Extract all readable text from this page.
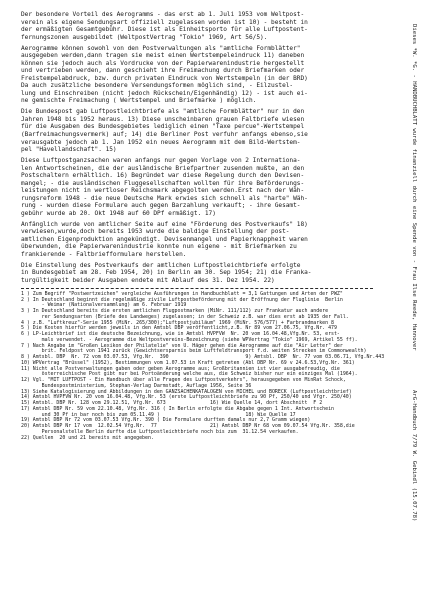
Der besondere Vorteil des Aerogramms - das erst ab 1. Juli 1953 vom Weltpost-
verein als eigene Sendungsart offiziell zugelassen worden ist 10) - besteht in
der ermäßigten Gesamtgebühr. Diese ist als Einheitsporto für alle Luftpostent-
fernungszonen ausgebildet (WeltpostVertrag "Tokio" 1969, Art 56/5).

Aerogramme können sowohl von den Postverwaltungen als "amtliche Formblätter"
ausgegeben werden,dann tragen sie meist einen Wertstempeleindruck 11) daneben
können sie jedoch auch als Vordrucke von der Papierwarenindustrie hergestellt
und vertrieben werden, dann geschieht ihre Freimachung durch Briefmarken oder
Freistempelabdruck, bzw. durch privaten Eindruck von Wertstempeln (in der BRD)
Da auch zusätzliche besondere Versendungsformen möglich sind, - Eilzustel-
lung und Einschreiben (nicht jedoch Rückschein/Eigenhändig) 12) - ist auch ei-
ne gemischte Freimachung ( Wertstempel und Briefmarke ) möglich.

Die Bundespost gab Luftpostleichtbriefe als "amtliche Formblätter" nur in den
Jahren 1948 bis 1952 heraus. 13) Diese unscheinbaren grauen Faltbriefe wiesen
für die Ausgaben des Bundesgebietes lediglich einen "Taxe percue"-Wertstempel
(Barfreimachungsvermerk) auf; 14) die Berliner Post verfuhr anfangs ebenso,sie
verausgabte jedoch ab 1. Jan 1952 ein neues Aerogramm mit dem Bild-Wertstem-
pel "Havellandschaft". 15)

Diese Luftpostganzsachen waren anfangs nur gegen Vorlage von 2 Internationa-
len Antwortscheinen, die der ausländische Briefpartner zusenden mußte, an den
Postschaltern erhältlich. 16) Begründet war diese Regelung durch den Devisen-
mangel; - die ausländischen Fluggesellschaften wollten für ihre Beförderungs-
leistungen nicht in wertloser Reichsmark abgegolten werden.Erst nach der Wäh-
rungsreform 1948 - die neue Deutsche Mark erwies sich schnell als "harte" Wäh-
rung - wurden diese Formulare auch gegen Barzahlung verkauft; - ihre Gesamt-
gebühr wurde ab 20. Okt 1948 auf 60 DPf ermäßigt. 17)

Anfänglich wurde von amtlicher Seite auf eine "Förderung des Postverkaufs" 18)
verwiesen,wurde,doch bereits 1953 wurde die baldige Einstellung der post-
amtlichen Eigenproduktion angekündigt. Devisenmangel und Papierknappheit waren
überwunden, die Papierwarenindustrie konnte nun eigene - mit Briefmarken zu
frankierende - Faltbriefformulare herstellen.

Die Einstellung des Postverkaufs der amtlichen Luftpostleichtbriefe erfolgte
in Bundesgebiet am 28. Feb 1954, 20) in Berlin am 30. Sep 1954; 21) die Franka-
turgültigkeit beider Ausgaben endete mit Ablauf des 31. Dez 1954. 22)

1 ) Zum Begriff "Postwertzeichen" vergleiche Ausführungen in Handbuchblatt = 3,1 Gattungen und Arten der PWZ"

2 ) In Deutschland beginnt die regelmäßige zivile Luftpostbeförderung mit der Eröffnung der Fluglinie  Berlin

- Weimar (Nationalversammlung) am 6. Februar 1919

3 ) In Deutschland bereits die ersten amtlichen Flugpostmarken (MiNr. 111/112) zur Frankatur auch andere

rer Sendungsarten (Briefe des Landweges) zugelassen; in der Schweiz z.B. war dies erst ab 1935 der Fall.

4 ) z.B. "Luftkreuz"-Serie 1955 (MiNr. 265/300);"Luftpostjubiläum" 1969 (MiNr. 576/577) + Farbrandmarken 8

5 ) Die Kosten hierfür werden jeweils in den Amtsbl DBP veröffentlicht,z.B. Nr 89 vom 27.06.75, Vfg.Nr. 479

6 ) LP-Leichtbrief ist die deutsche Bezeichnung, wie in Amtsbl HVPFVW  Nr. 20 vom 16.04.48,Vfg.Nr. 53, erst-

mals verwendet. - Aerogramme die Weltpostvereins-Bezeichnung (siehe WPVertrag "Tokio" 1969, Artikel 55 ff).

7 ) Nach Angabe im "Großen Lexikon der Philatelie" von U. Häger gehen die Aerogramme auf die "Air Letter" der

brit. Feldpost von 1941 zurück (Gewichtsersparnis beim Luftfeldtransport f.d. weiten Strecken im Commonwealth)

8 ) Amtsbl. DBP  Nr. 72 vom 03.07.53, Vfg.Nr.  390                          9) Amtsbl. DBP  Nr. 77 vom 03.06.71, Vfg.Nr.443

10) WPVertrag "Brüssel" (1952), Bestimmungen vom 1.07.53 in Kraft getreten (Abl DBP Nr. 69 v 24.6.53,Vfg.Nr. 361)

11) Nicht alle Postverwaltungen gaben oder geben Aerogramme aus; Großbritannien ist vier ausgabefreudig, die

österreichische Post gibt nur bei Portoänderung welche aus, die Schweiz bisher nur ein einziges Mal (1964).

12) Vgl. "MIT LUFTPOST - Ein Handbuch über alle Fragen des Luftpostverkehrs", herausgegeben von MinRat Schock,

Bundespostministerium, Stephan-Verlag Darmstadt, Auflage 1956, Seite 36

13) Siehe Katalogisierung und Abbildungen in den GANZSACHENKATALOGEN von MICHEL und BORECK (Luftpostleichtbrief)

14) Amtsbl HVPFVW Nr. 20 vom 16.04.48, Vfg.Nr. 53 (erste Luftpostleichtbriefe zu 90 Pf, 250/40 und Vfgr. 250/40)

15) Amtsbl. DBP Nr. 128 vom 29.12.51, Vfg.Nr. 673               16) Wie Quelle 14, dort Abschnitt  F 2

17) Amtsbl DBP Nr. 59 vom 22.10.48, Vfg.Nr. 316 ( In Berlin erfolgte die Abgabe gegen 1 Int. Antwortschein

und 30 Pf in bar noch bis zum 05.11.49 )                             18) Wie Quelle 17

19) Amtsbl DBP Nr 72 vom 03.07.53 Vfg.Nr. 390 ( Die Formulare durften damals nur 2,7 Gramm wiegen)

20) Amtsbl DBP Nr 17 vom  12.02.54 Vfg.Nr.  77                  21) Amtsbl DBP Nr 68 vom 09.07.54 Vfg.Nr. 358,die

Personalstelle Berlin durfte die Luftpostleichtbriefe noch bis zum  31.12.54 verkaufen.

22) Quellen  20 und 21 bereits mit angegeben.

Dieses *W. *G. - HANDBUCHBLATT wurde finanziell durch eine Spende von - Frau Ilse Reede, Hannover
ArG-Handbuch 7/79 W. Gebindl (15.07.78)
